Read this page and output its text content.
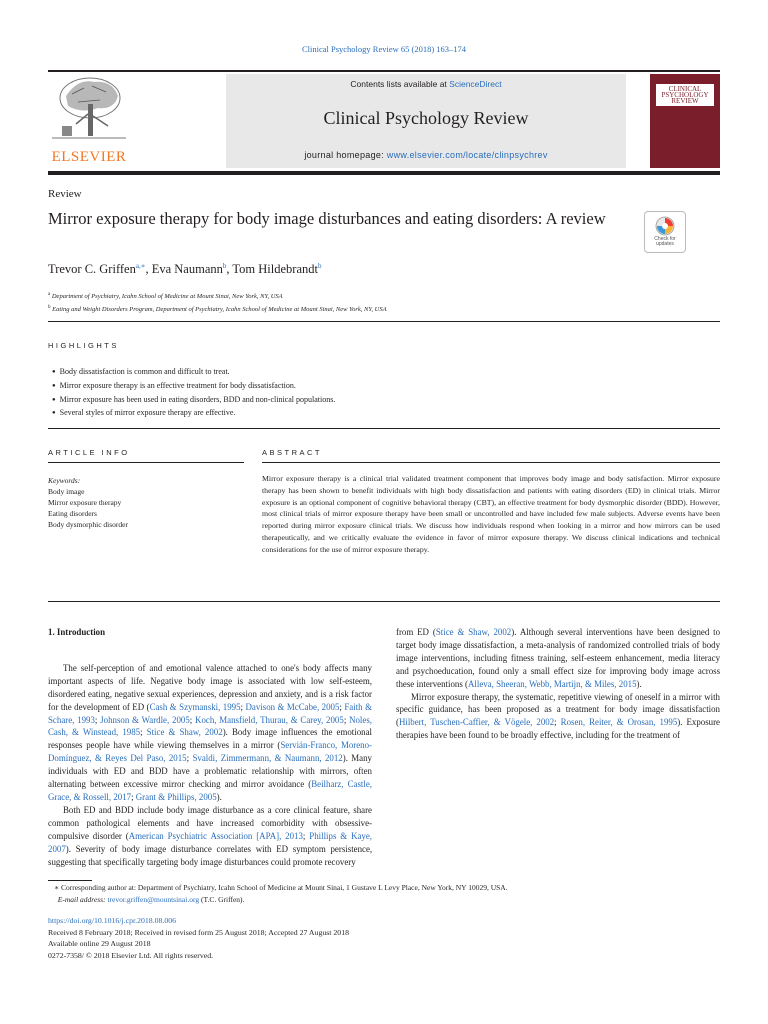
Clinical Psychology Review 65 (2018) 163–174
ELSEVIER
Contents lists available at ScienceDirect
Clinical Psychology Review
journal homepage: www.elsevier.com/locate/clinpsychrev
CLINICAL
PSYCHOLOGY
REVIEW
Review
Mirror exposure therapy for body image disturbances and eating disorders: A review
Check for updates
Trevor C. Griffen$^{a,∗}$, Eva Naumann$^b$, Tom Hildebrandt$^b$
$^a$ Department of Psychiatry, Icahn School of Medicine at Mount Sinai, New York, NY, USA
$^b$ Eating and Weight Disorders Program, Department of Psychiatry, Icahn School of Medicine at Mount Sinai, New York, NY, USA
HIGHLIGHTS
● Body dissatisfaction is common and difficult to treat.
● Mirror exposure therapy is an effective treatment for body dissatisfaction.
● Mirror exposure has been used in eating disorders, BDD and non-clinical populations.
● Several styles of mirror exposure therapy are effective.
ARTICLE INFO	ABSTRACT
Keywords:
Body image
Mirror exposure therapy
Eating disorders
Body dysmorphic disorder
Mirror exposure therapy is a clinical trial validated treatment component that improves body image and body satisfaction. Mirror exposure therapy has been shown to benefit individuals with high body dissatisfaction and patients with eating disorders (ED) in clinical trials. Mirror exposure is an optional component of cognitive behavioral therapy (CBT), an effective treatment for body dysmorphic disorder (BDD). However, most clinical trials of mirror exposure therapy have been small or uncontrolled and have included few male subjects. Adverse events have been reported during mirror exposure clinical trials. We discuss how individuals respond when looking in a mirror and how mirrors can be used therapeutically, and we critically evaluate the evidence in favor of mirror exposure therapy. We discuss clinical indications and technical considerations for the use of mirror exposure therapy.
1. Introduction

The self-perception of and emotional valence attached to one's body affects many important aspects of life. Negative body image is associated with low self-esteem, disordered eating, negative sexual experiences, depression and anxiety, and is a risk factor for the development of ED (Cash & Szymanski, 1995; Davison & McCabe, 2005; Faith & Schare, 1993; Johnson & Wardle, 2005; Koch, Mansfield, Thurau, & Carey, 2005; Noles, Cash, & Winstead, 1985; Stice & Shaw, 2002). Body image influences the emotional responses people have while viewing themselves in a mirror (Servián-Franco, Moreno-Domínguez, & Reyes Del Paso, 2015; Svaldi, Zimmermann, & Naumann, 2012). Many individuals with ED and BDD have a problematic relationship with mirrors, often alternating between excessive mirror checking and mirror avoidance (Beilharz, Castle, Grace, & Rossell, 2017; Grant & Phillips, 2005).

Both ED and BDD include body image disturbance as a core clinical feature, share common pathological elements and have increased comorbidity with obsessive-compulsive disorder (American Psychiatric Association [APA], 2013; Phillips & Kaye, 2007). Severity of body image disturbance correlates with ED symptom persistence, suggesting that specifically targeting body image disturbances could promote recovery

from ED (Stice & Shaw, 2002). Although several interventions have been designed to target body image dissatisfaction, a meta-analysis of randomized controlled trials of body image interventions, including fitness training, self-esteem enhancement, media literacy and psychoeducation, found only a small effect size for improving body image across these interventions (Alleva, Sheeran, Webb, Martijn, & Miles, 2015).

Mirror exposure therapy, the systematic, repetitive viewing of oneself in a mirror with specific guidance, has been proposed as a treatment for body image dissatisfaction (Hilbert, Tuschen-Caffier, & Vögele, 2002; Rosen, Reiter, & Orosan, 1995). Exposure therapies have been found to be broadly effective, including for the treatment of

∗ Corresponding author at: Department of Psychiatry, Icahn School of Medicine at Mount Sinai, 1 Gustave L Levy Place, New York, NY 10029, USA.
E-mail address: trevor.griffen@mountsinai.org (T.C. Griffen).
https://doi.org/10.1016/j.cpr.2018.08.006
Received 8 February 2018; Received in revised form 25 August 2018; Accepted 27 August 2018
Available online 29 August 2018
0272-7358/ © 2018 Elsevier Ltd. All rights reserved.
